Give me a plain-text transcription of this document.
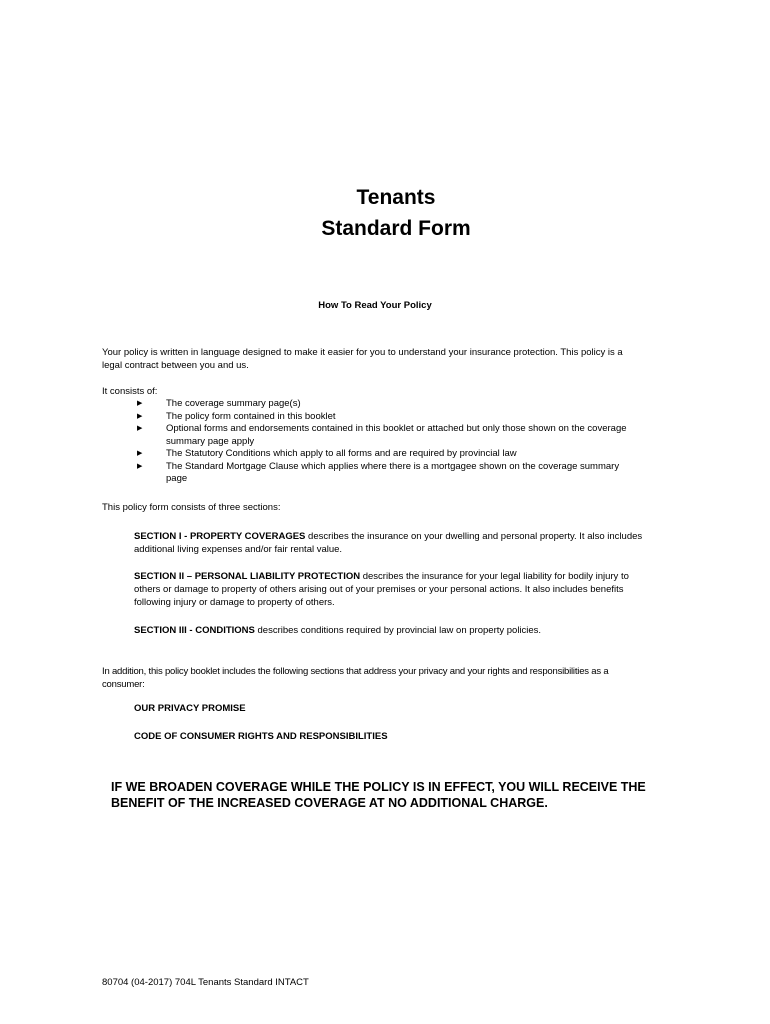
Tenants
Standard Form
How To Read Your Policy
Your policy is written in language designed to make it easier for you to understand your insurance protection. This policy is a legal contract between you and us.
It consists of:
▶ The coverage summary page(s)
▶ The policy form contained in this booklet
▶ Optional forms and endorsements contained in this booklet or attached but only those shown on the coverage summary page apply
▶ The Statutory Conditions which apply to all forms and are required by provincial law
▶ The Standard Mortgage Clause which applies where there is a mortgagee shown on the coverage summary page
This policy form consists of three sections:
SECTION I - PROPERTY COVERAGES describes the insurance on your dwelling and personal property. It also includes additional living expenses and/or fair rental value.
SECTION II – PERSONAL LIABILITY PROTECTION describes the insurance for your legal liability for bodily injury to others or damage to property of others arising out of your premises or your personal actions. It also includes benefits following injury or damage to property of others.
SECTION III - CONDITIONS describes conditions required by provincial law on property policies.
In addition, this policy booklet includes the following sections that address your privacy and your rights and responsibilities as a consumer:
OUR PRIVACY PROMISE
CODE OF CONSUMER RIGHTS AND RESPONSIBILITIES
IF WE BROADEN COVERAGE WHILE THE POLICY IS IN EFFECT, YOU WILL RECEIVE THE BENEFIT OF THE INCREASED COVERAGE AT NO ADDITIONAL CHARGE.
80704 (04-2017) 704L Tenants Standard INTACT
